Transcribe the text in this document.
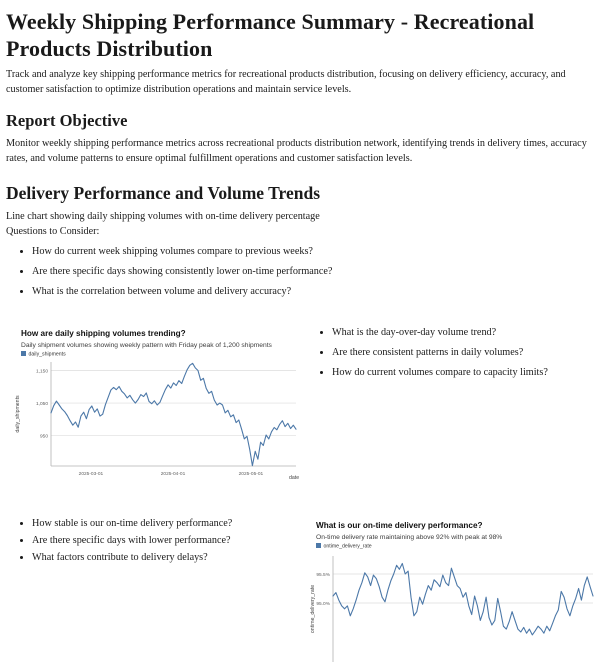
Weekly Shipping Performance Summary - Recreational Products Distribution

Track and analyze key shipping performance metrics for recreational products distribution, focusing on delivery efficiency, accuracy, and customer satisfaction to optimize distribution operations and maintain service levels.

Report Objective

Monitor weekly shipping performance metrics across recreational products distribution network, identifying trends in delivery times, accuracy rates, and volume patterns to ensure optimal fulfillment operations and customer satisfaction levels.

Delivery Performance and Volume Trends

Line chart showing daily shipping volumes with on-time delivery percentage

Questions to Consider:

• How do current week shipping volumes compare to previous weeks?
• Are there specific days showing consistently lower on-time performance?
• What is the correlation between volume and delivery accuracy?
How are daily shipping volumes trending?
Daily shipment volumes showing weekly pattern with Friday peak of 1,200 shipments
daily_shipments
950
1,050
1,150
2025-03-01	2025-04-01	2025-05-01
date
daily_shipments
• What is the day-over-day volume trend?
• Are there consistent patterns in daily volumes?
• How do current volumes compare to capacity limits?
• How stable is our on-time delivery performance?
• Are there specific days with lower performance?
• What factors contribute to delivery delays?
What is our on-time delivery performance?
On-time delivery rate maintaining above 92% with peak at 98%
ontime_delivery_rate
95.5%
95.0%
ontime_delivery_rate
